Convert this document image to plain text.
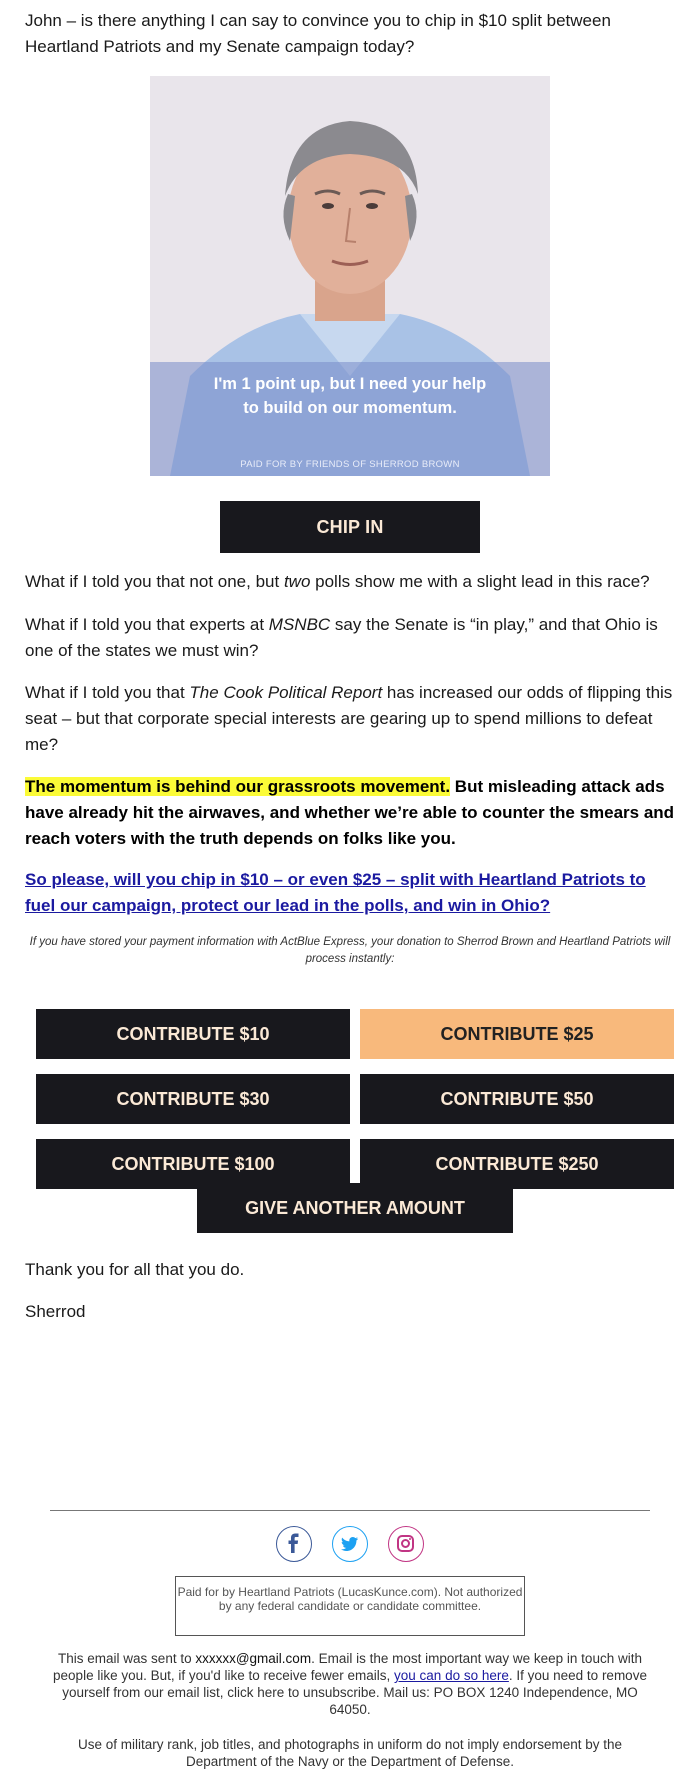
John – is there anything I can say to convince you to chip in $10 split between Heartland Patriots and my Senate campaign today?

I'm 1 point up, but I need your help
to build on our momentum.
PAID FOR BY FRIENDS OF SHERROD BROWN
CHIP IN

What if I told you that not one, but two polls show me with a slight lead in this race?

What if I told you that experts at MSNBC say the Senate is “in play,” and that Ohio is one of the states we must win?

What if I told you that The Cook Political Report has increased our odds of flipping this seat – but that corporate special interests are gearing up to spend millions to defeat me?

The momentum is behind our grassroots movement. But misleading attack ads have already hit the airwaves, and whether we’re able to counter the smears and reach voters with the truth depends on folks like you.

So please, will you chip in $10 – or even $25 – split with Heartland Patriots to fuel our campaign, protect our lead in the polls, and win in Ohio?

If you have stored your payment information with ActBlue Express, your donation to Sherrod Brown and Heartland Patriots will process instantly:

CONTRIBUTE $10	CONTRIBUTE $25
CONTRIBUTE $30	CONTRIBUTE $50
CONTRIBUTE $100	CONTRIBUTE $250
GIVE ANOTHER AMOUNT

Thank you for all that you do.

Sherrod

Paid for by Heartland Patriots (LucasKunce.com). Not authorized by any federal candidate or candidate committee.

This email was sent to xxxxxx@gmail.com. Email is the most important way we keep in touch with people like you. But, if you'd like to receive fewer emails, you can do so here. If you need to remove yourself from our email list, click here to unsubscribe. Mail us: PO BOX 1240 Independence, MO 64050.

Use of military rank, job titles, and photographs in uniform do not imply endorsement by the Department of the Navy or the Department of Defense.
